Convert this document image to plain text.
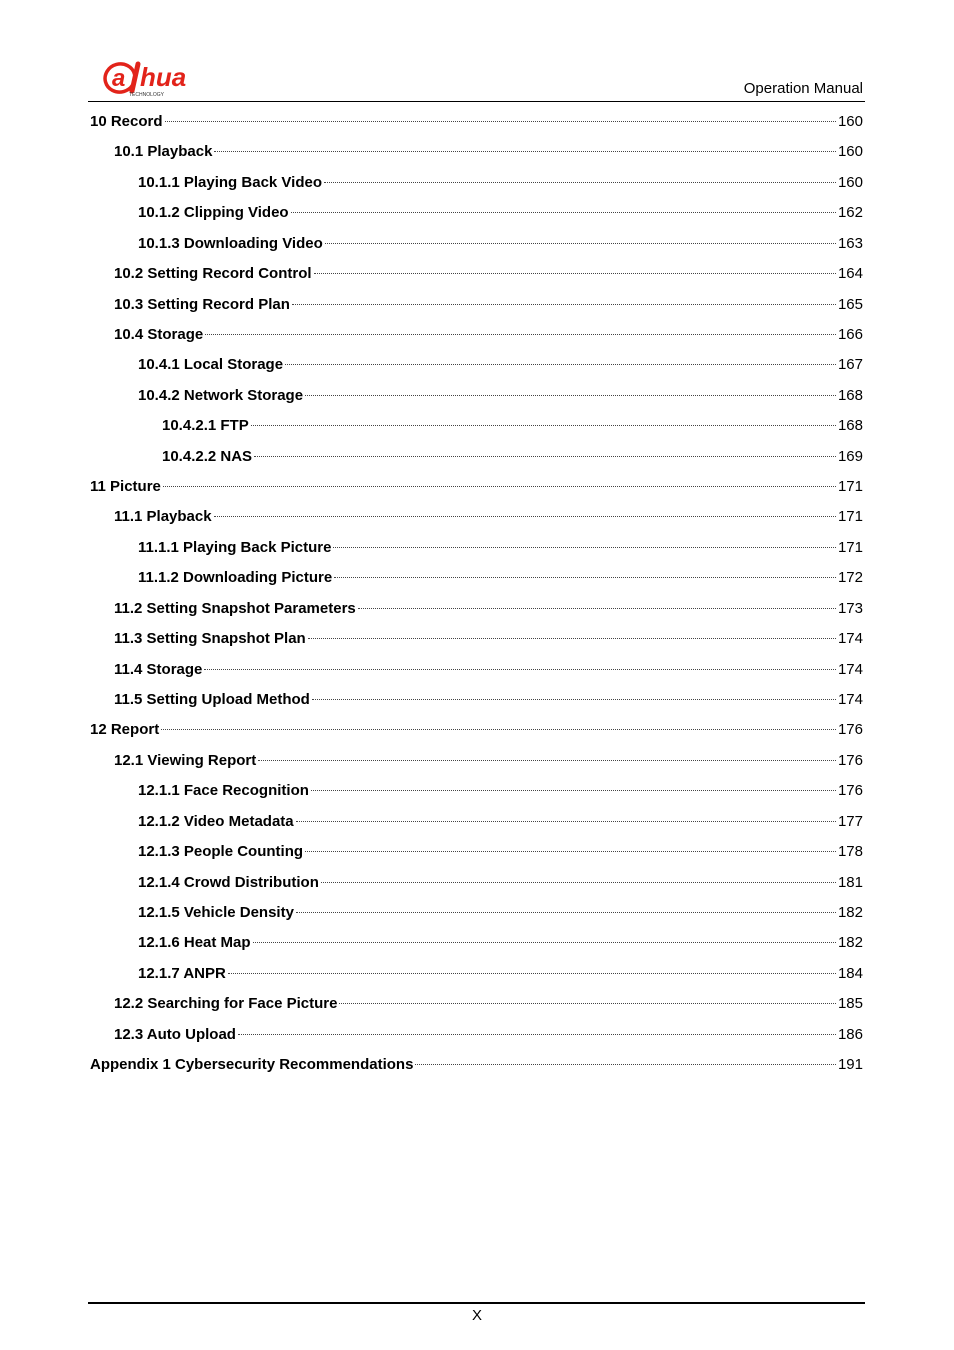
a hua
TECHNOLOGY	Operation Manual
10 Record	160
10.1 Playback	160
10.1.1 Playing Back Video	160
10.1.2 Clipping Video	162
10.1.3 Downloading Video	163
10.2 Setting Record Control	164
10.3 Setting Record Plan	165
10.4 Storage	166
10.4.1 Local Storage	167
10.4.2 Network Storage	168
10.4.2.1 FTP	168
10.4.2.2 NAS	169
11 Picture	171
11.1 Playback	171
11.1.1 Playing Back Picture	171
11.1.2 Downloading Picture	172
11.2 Setting Snapshot Parameters	173
11.3 Setting Snapshot Plan	174
11.4 Storage	174
11.5 Setting Upload Method	174
12 Report	176
12.1 Viewing Report	176
12.1.1 Face Recognition	176
12.1.2 Video Metadata	177
12.1.3 People Counting	178
12.1.4 Crowd Distribution	181
12.1.5 Vehicle Density	182
12.1.6 Heat Map	182
12.1.7 ANPR	184
12.2 Searching for Face Picture	185
12.3 Auto Upload	186
Appendix 1 Cybersecurity Recommendations	191
X
